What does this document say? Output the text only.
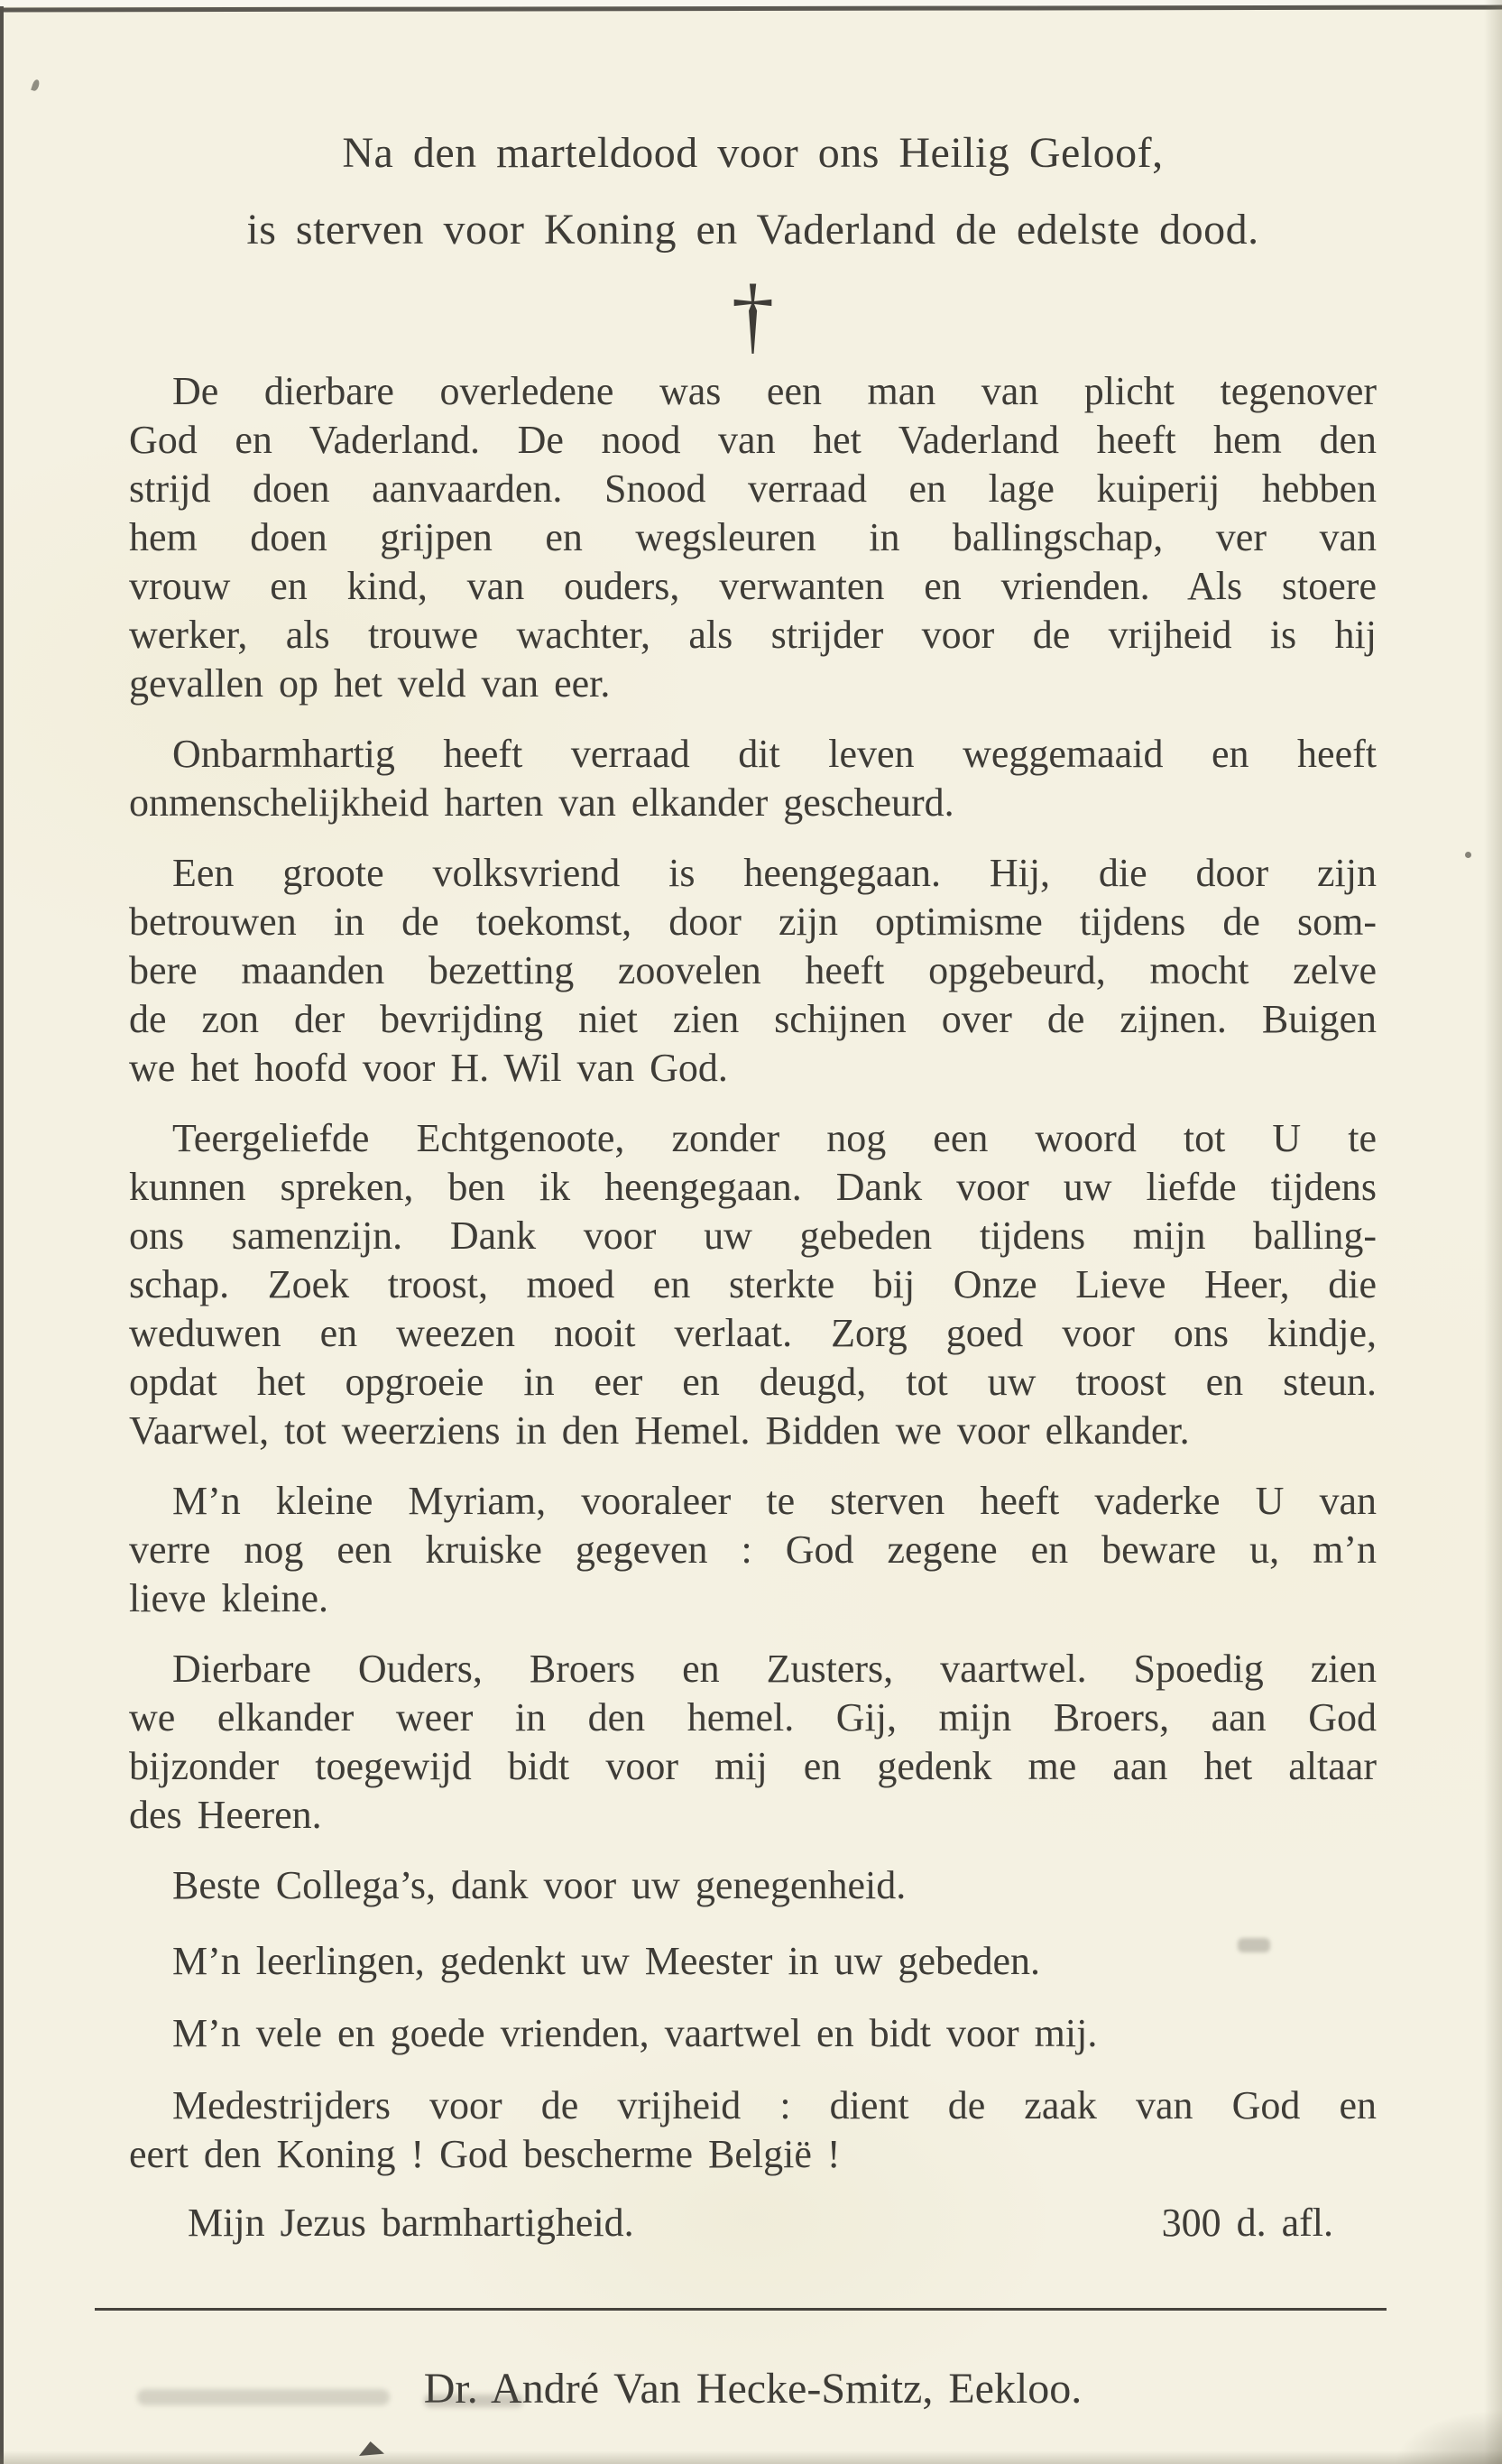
Na den marteldood voor ons Heilig Geloof,
is sterven voor Koning en Vaderland de edelste dood.
†
De dierbare overledene was een man van plicht tegenover
God en Vaderland. De nood van het Vaderland heeft hem den
strijd doen aanvaarden. Snood verraad en lage kuiperij hebben
hem doen grijpen en wegsleuren in ballingschap, ver van
vrouw en kind, van ouders, verwanten en vrienden. Als stoere
werker, als trouwe wachter, als strijder voor de vrijheid is hij
gevallen op het veld van eer.
Onbarmhartig heeft verraad dit leven weggemaaid en heeft
onmenschelijkheid harten van elkander gescheurd.
Een groote volksvriend is heengegaan. Hij, die door zijn
betrouwen in de toekomst, door zijn optimisme tijdens de som-
bere maanden bezetting zoovelen heeft opgebeurd, mocht zelve
de zon der bevrijding niet zien schijnen over de zijnen. Buigen
we het hoofd voor H. Wil van God.
Teergeliefde Echtgenoote, zonder nog een woord tot U te
kunnen spreken, ben ik heengegaan. Dank voor uw liefde tijdens
ons samenzijn. Dank voor uw gebeden tijdens mijn balling-
schap. Zoek troost, moed en sterkte bij Onze Lieve Heer, die
weduwen en weezen nooit verlaat. Zorg goed voor ons kindje,
opdat het opgroeie in eer en deugd, tot uw troost en steun.
Vaarwel, tot weerziens in den Hemel. Bidden we voor elkander.
M’n kleine Myriam, vooraleer te sterven heeft vaderke U van
verre nog een kruiske gegeven : God zegene en beware u, m’n
lieve kleine.
Dierbare Ouders, Broers en Zusters, vaartwel. Spoedig zien
we elkander weer in den hemel. Gij, mijn Broers, aan God
bijzonder toegewijd bidt voor mij en gedenk me aan het altaar
des Heeren.
Beste Collega’s, dank voor uw genegenheid.
M’n leerlingen, gedenkt uw Meester in uw gebeden.
M’n vele en goede vrienden, vaartwel en bidt voor mij.
Medestrijders voor de vrijheid : dient de zaak van God en
eert den Koning ! God bescherme België !
Mijn Jezus barmhartigheid.	300 d. afl.
Dr. André Van Hecke-Smitz, Eekloo.
